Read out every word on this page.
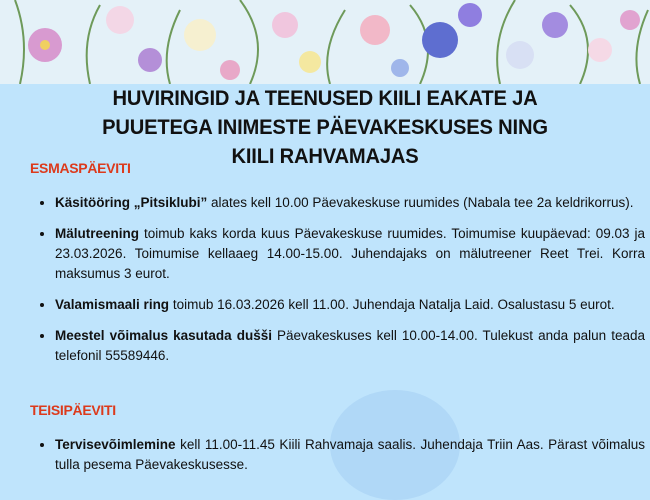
HUVIRINGID JA TEENUSED KIILI EAKATE JA
PUUETEGA INIMESTE PÄEVAKESKUSES NING
KIILI RAHVAMAJAS
ESMASPÄEVITI
• Käsitööring „Pitsiklubi” alates kell 10.00 Päevakeskuse ruumides (Nabala tee 2a keldrikorrus).
• Mälutreening toimub kaks korda kuus Päevakeskuse ruumides. Toimumise kuupäevad: 09.03 ja 23.03.2026. Toimumise kellaaeg 14.00-15.00. Juhendajaks on mälutreener Reet Trei. Korra maksumus 3 eurot.
• Valamismaali ring toimub 16.03.2026 kell 11.00. Juhendaja Natalja Laid. Osalustasu 5 eurot.
• Meestel võimalus kasutada dušši Päevakeskuses kell 10.00-14.00. Tulekust anda palun teada telefonil 55589446.
TEISIPÄEVITI
• Tervisevõimlemine kell 11.00-11.45 Kiili Rahvamaja saalis. Juhendaja Triin Aas. Pärast võimalus tulla pesema Päevakeskusesse.
